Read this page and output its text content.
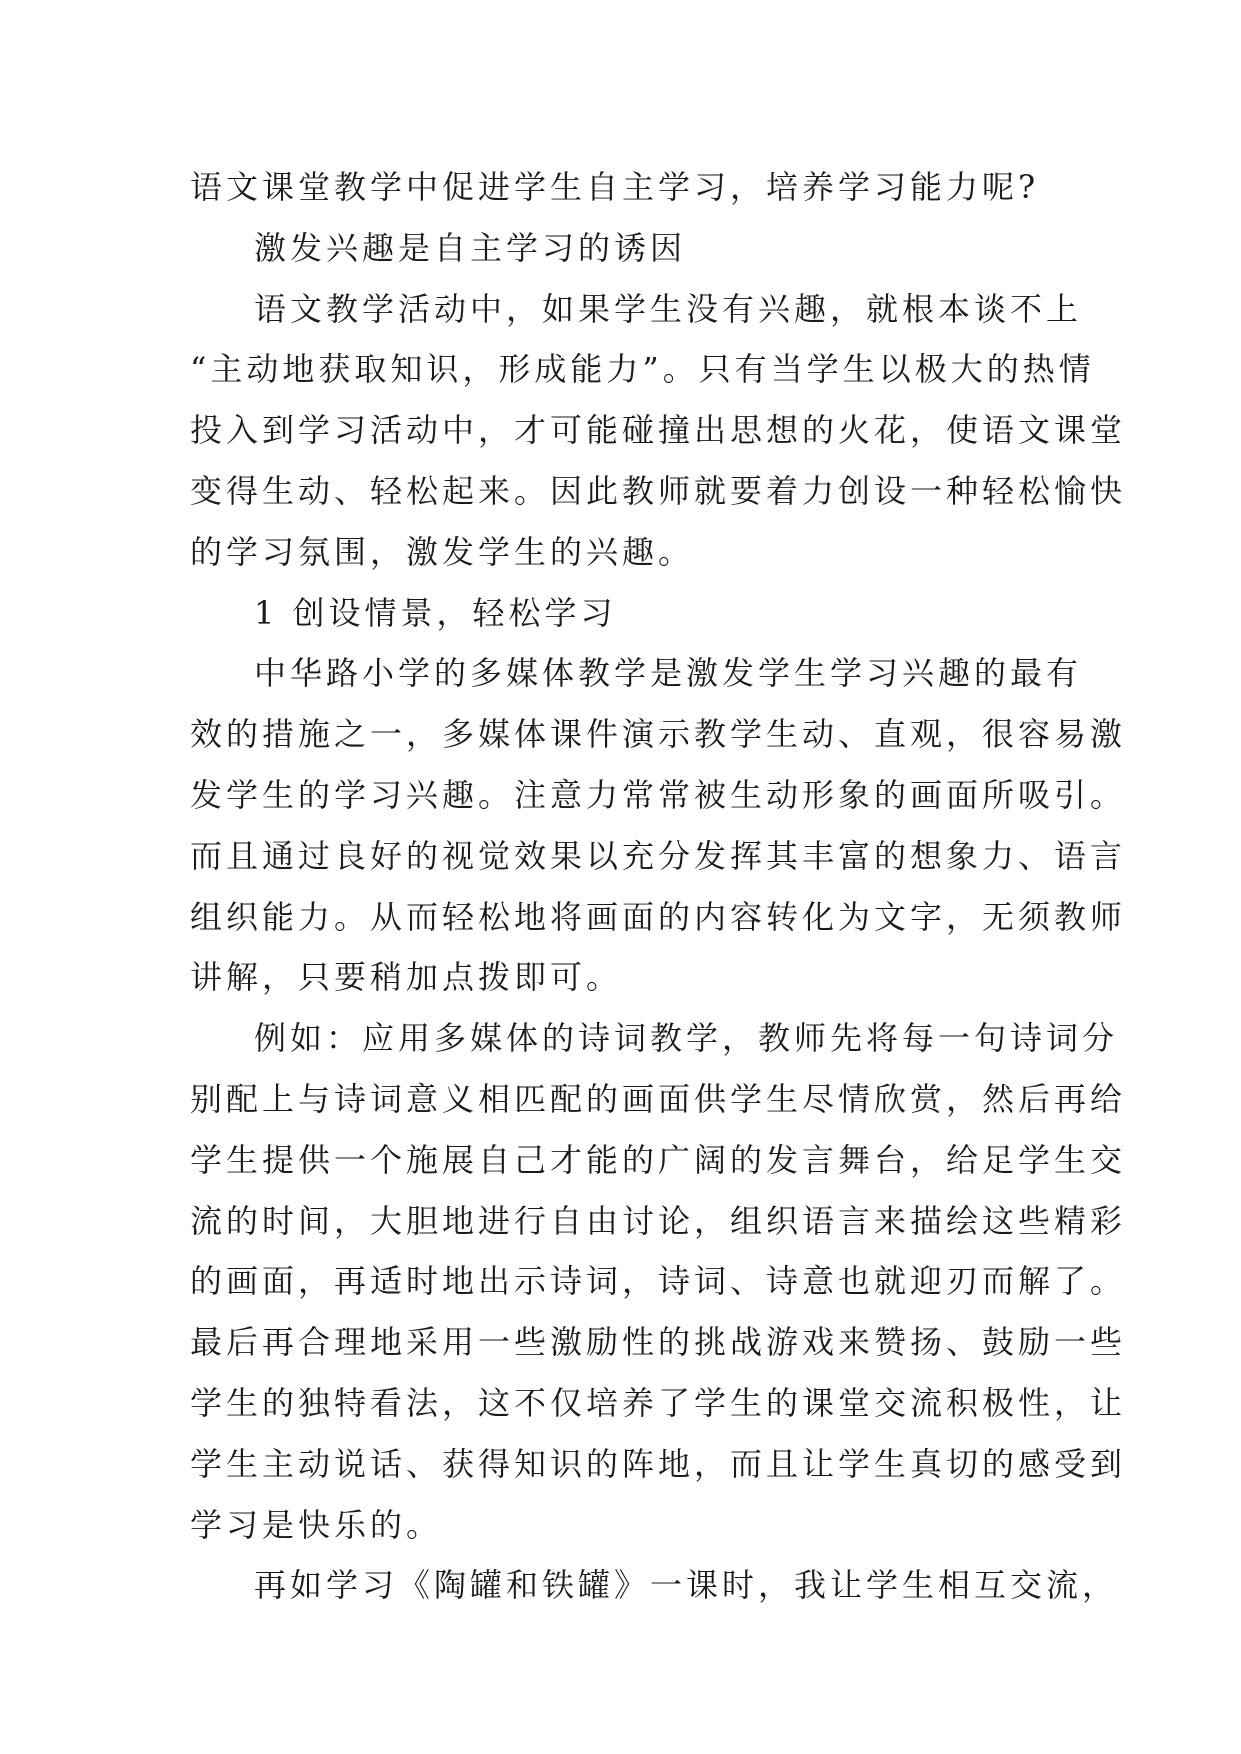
语文课堂教学中促进学生自主学习，培养学习能力呢?
激发兴趣是自主学习的诱因
语文教学活动中，如果学生没有兴趣，就根本谈不上
“主动地获取知识，形成能力”。只有当学生以极大的热情
投入到学习活动中，才可能碰撞出思想的火花，使语文课堂
变得生动、轻松起来。因此教师就要着力创设一种轻松愉快
的学习氛围，激发学生的兴趣。
1 创设情景，轻松学习
中华路小学的多媒体教学是激发学生学习兴趣的最有
效的措施之一，多媒体课件演示教学生动、直观，很容易激
发学生的学习兴趣。注意力常常被生动形象的画面所吸引。
而且通过良好的视觉效果以充分发挥其丰富的想象力、语言
组织能力。从而轻松地将画面的内容转化为文字，无须教师
讲解，只要稍加点拨即可。
例如：应用多媒体的诗词教学，教师先将每一句诗词分
别配上与诗词意义相匹配的画面供学生尽情欣赏，然后再给
学生提供一个施展自己才能的广阔的发言舞台，给足学生交
流的时间，大胆地进行自由讨论，组织语言来描绘这些精彩
的画面，再适时地出示诗词，诗词、诗意也就迎刃而解了。
最后再合理地采用一些激励性的挑战游戏来赞扬、鼓励一些
学生的独特看法，这不仅培养了学生的课堂交流积极性，让
学生主动说话、获得知识的阵地，而且让学生真切的感受到
学习是快乐的。
再如学习《陶罐和铁罐》一课时，我让学生相互交流，
